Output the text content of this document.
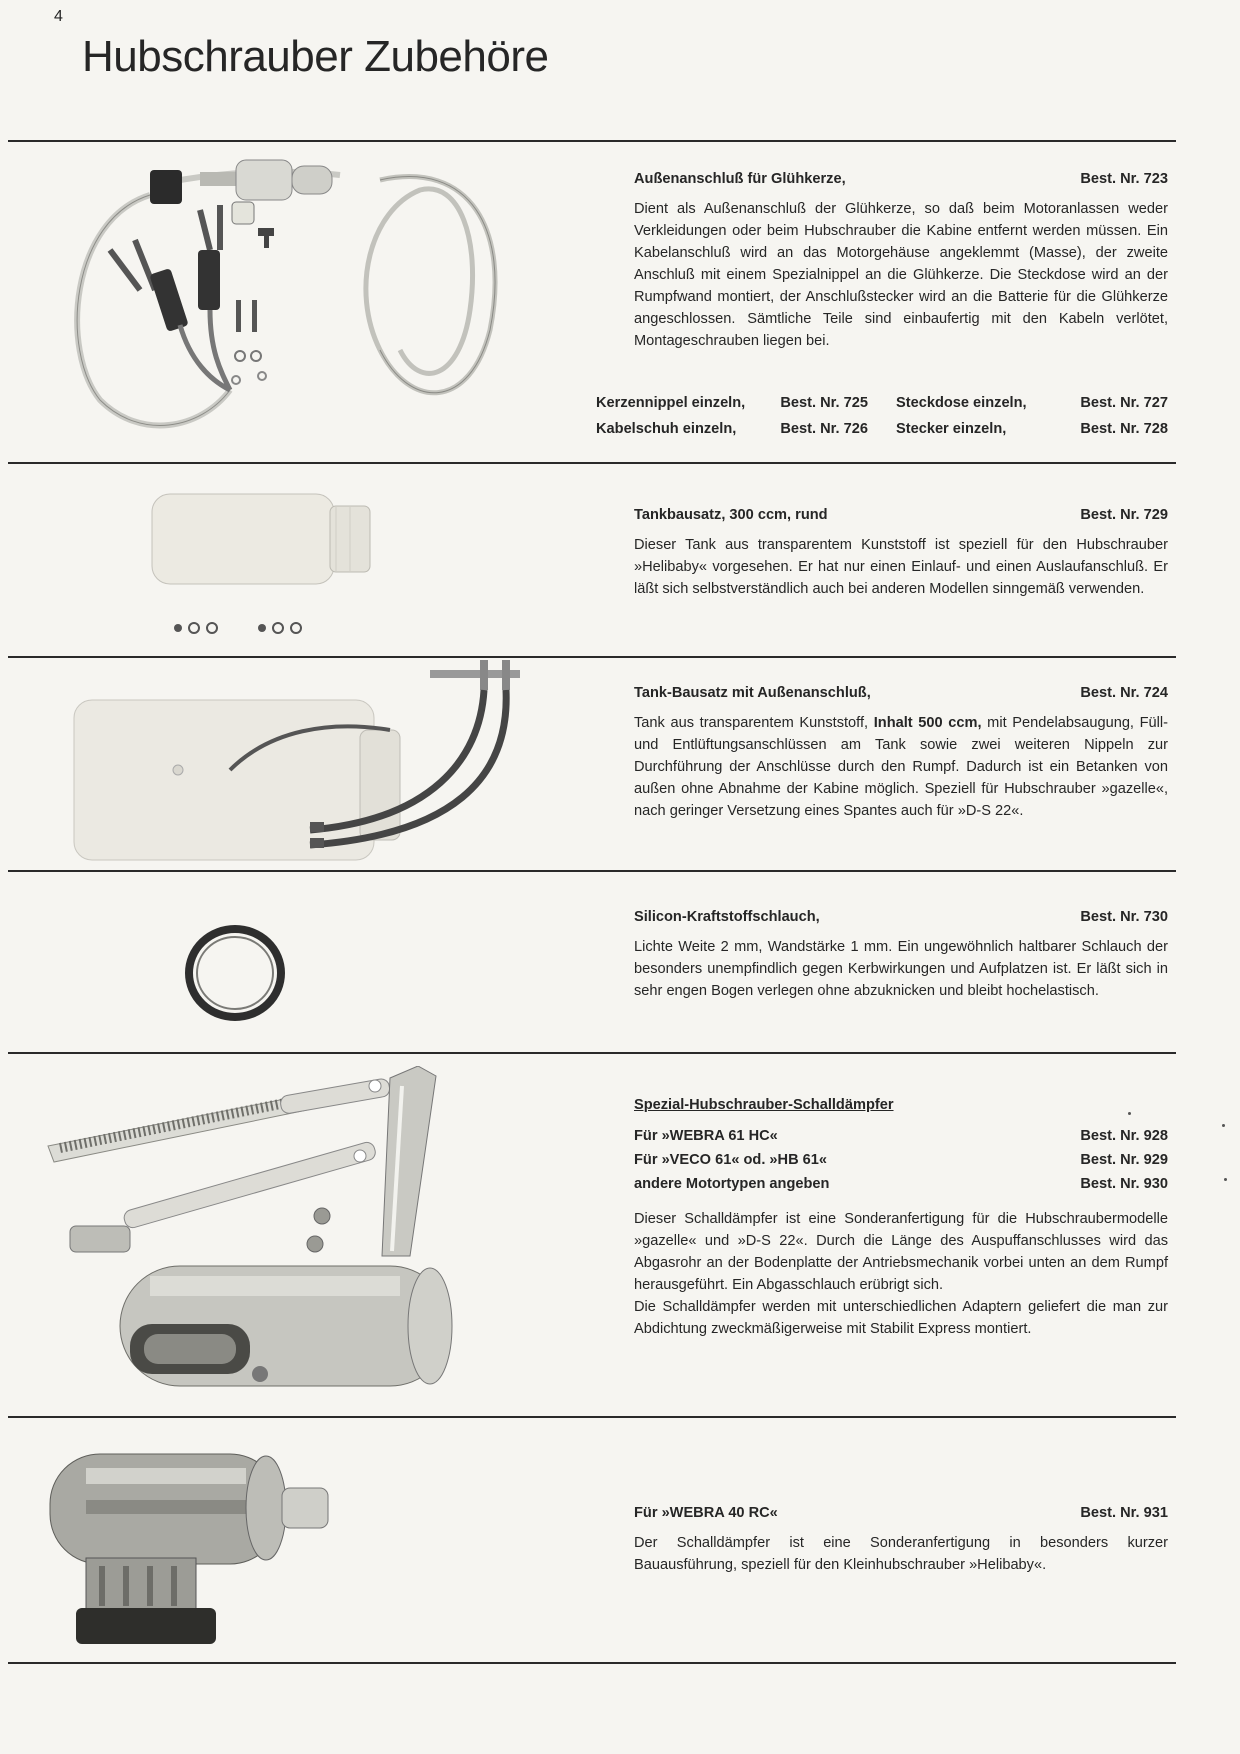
4
Hubschrauber Zubehöre
Außenanschluß für Glühkerze,	Best. Nr. 723

Dient als Außenanschluß der Glühkerze, so daß beim Motoranlassen weder Verkleidungen oder beim Hubschrauber die Kabine entfernt werden müssen. Ein Kabelanschluß wird an das Motorgehäuse angeklemmt (Masse), der zweite Anschluß mit einem Spezialnippel an die Glühkerze. Die Steckdose wird an der Rumpfwand montiert, der Anschlußstecker wird an die Batterie für die Glühkerze angeschlossen. Sämtliche Teile sind einbaufertig mit den Kabeln verlötet, Montageschrauben liegen bei.

Kerzennippel einzeln, Best. Nr. 725 Steckdose einzeln,	Best. Nr. 727
Kabelschuh einzeln,	Best. Nr. 726 Stecker einzeln,	Best. Nr. 728
Tankbausatz, 300 ccm, rund	Best. Nr. 729

Dieser Tank aus transparentem Kunststoff ist speziell für den Hubschrauber »Helibaby« vorgesehen. Er hat nur einen Einlauf- und einen Auslaufanschluß. Er läßt sich selbstverständlich auch bei anderen Modellen sinngemäß verwenden.

Tank-Bausatz mit Außenanschluß,	Best. Nr. 724

Tank aus transparentem Kunststoff, Inhalt 500 ccm, mit Pendelabsaugung, Füll- und Entlüftungsanschlüssen am Tank sowie zwei weiteren Nippeln zur Durchführung der Anschlüsse durch den Rumpf. Dadurch ist ein Betanken von außen ohne Abnahme der Kabine möglich. Speziell für Hubschrauber »gazelle«, nach geringer Versetzung eines Spantes auch für »D-S 22«.

Silicon-Kraftstoffschlauch,	Best. Nr. 730

Lichte Weite 2 mm, Wandstärke 1 mm. Ein ungewöhnlich haltbarer Schlauch der besonders unempfindlich gegen Kerbwirkungen und Aufplatzen ist. Er läßt sich in sehr engen Bogen verlegen ohne abzuknicken und bleibt hochelastisch.

Spezial-Hubschrauber-Schalldämpfer
Für »WEBRA 61 HC«	Best. Nr. 928
Für »VECO 61« od. »HB 61«	Best. Nr. 929
andere Motortypen angeben	Best. Nr. 930

Dieser Schalldämpfer ist eine Sonderanfertigung für die Hubschraubermodelle »gazelle« und »D-S 22«. Durch die Länge des Auspuffanschlusses wird das Abgasrohr an der Bodenplatte der Antriebsmechanik vorbei unten an dem Rumpf herausgeführt. Ein Abgasschlauch erübrigt sich.

Die Schalldämpfer werden mit unterschiedlichen Adaptern geliefert die man zur Abdichtung zweckmäßigerweise mit Stabilit Express montiert.

Für »WEBRA 40 RC«	Best. Nr. 931

Der Schalldämpfer ist eine Sonderanfertigung in besonders kurzer Bauausführung, speziell für den Kleinhubschrauber »Helibaby«.
